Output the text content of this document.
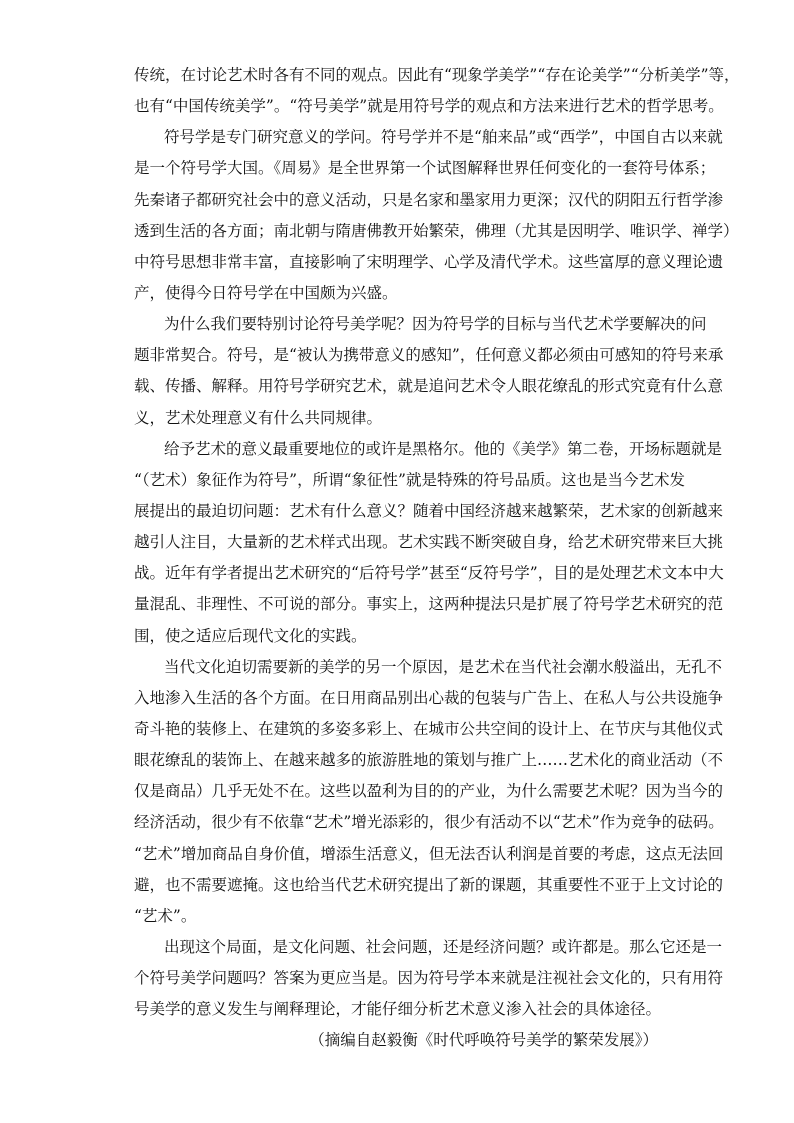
传统，在讨论艺术时各有不同的观点。因此有“现象学美学”“存在论美学”“分析美学”等，
也有“中国传统美学”。“符号美学”就是用符号学的观点和方法来进行艺术的哲学思考。
符号学是专门研究意义的学问。符号学并不是“舶来品”或“西学”，中国自古以来就
是一个符号学大国。《周易》是全世界第一个试图解释世界任何变化的一套符号体系；
先秦诸子都研究社会中的意义活动，只是名家和墨家用力更深；汉代的阴阳五行哲学渗
透到生活的各方面；南北朝与隋唐佛教开始繁荣，佛理（尤其是因明学、唯识学、禅学）
中符号思想非常丰富，直接影响了宋明理学、心学及清代学术。这些富厚的意义理论遗
产，使得今日符号学在中国颇为兴盛。
为什么我们要特别讨论符号美学呢？因为符号学的目标与当代艺术学要解决的问
题非常契合。符号，是“被认为携带意义的感知”，任何意义都必须由可感知的符号来承
载、传播、解释。用符号学研究艺术，就是追问艺术令人眼花缭乱的形式究竟有什么意
义，艺术处理意义有什么共同规律。
给予艺术的意义最重要地位的或许是黑格尔。他的《美学》第二卷，开场标题就是
“（艺术）象征作为符号”，所谓“象征性”就是特殊的符号品质。这也是当今艺术发
展提出的最迫切问题：艺术有什么意义？随着中国经济越来越繁荣，艺术家的创新越来
越引人注目，大量新的艺术样式出现。艺术实践不断突破自身，给艺术研究带来巨大挑
战。近年有学者提出艺术研究的“后符号学”甚至“反符号学”，目的是处理艺术文本中大
量混乱、非理性、不可说的部分。事实上，这两种提法只是扩展了符号学艺术研究的范
围，使之适应后现代文化的实践。
当代文化迫切需要新的美学的另一个原因，是艺术在当代社会潮水般溢出，无孔不
入地渗入生活的各个方面。在日用商品别出心裁的包装与广告上、在私人与公共设施争
奇斗艳的装修上、在建筑的多姿多彩上、在城市公共空间的设计上、在节庆与其他仪式
眼花缭乱的装饰上、在越来越多的旅游胜地的策划与推广上……艺术化的商业活动（不
仅是商品）几乎无处不在。这些以盈利为目的的产业，为什么需要艺术呢？因为当今的
经济活动，很少有不依靠“艺术”增光添彩的，很少有活动不以“艺术”作为竞争的砝码。
“艺术”增加商品自身价值，增添生活意义，但无法否认利润是首要的考虑，这点无法回
避，也不需要遮掩。这也给当代艺术研究提出了新的课题，其重要性不亚于上文讨论的
“艺术”。
出现这个局面，是文化问题、社会问题，还是经济问题？或许都是。那么它还是一
个符号美学问题吗？答案为更应当是。因为符号学本来就是注视社会文化的，只有用符
号美学的意义发生与阐释理论，才能仔细分析艺术意义渗入社会的具体途径。
（摘编自赵毅衡《时代呼唤符号美学的繁荣发展》）
